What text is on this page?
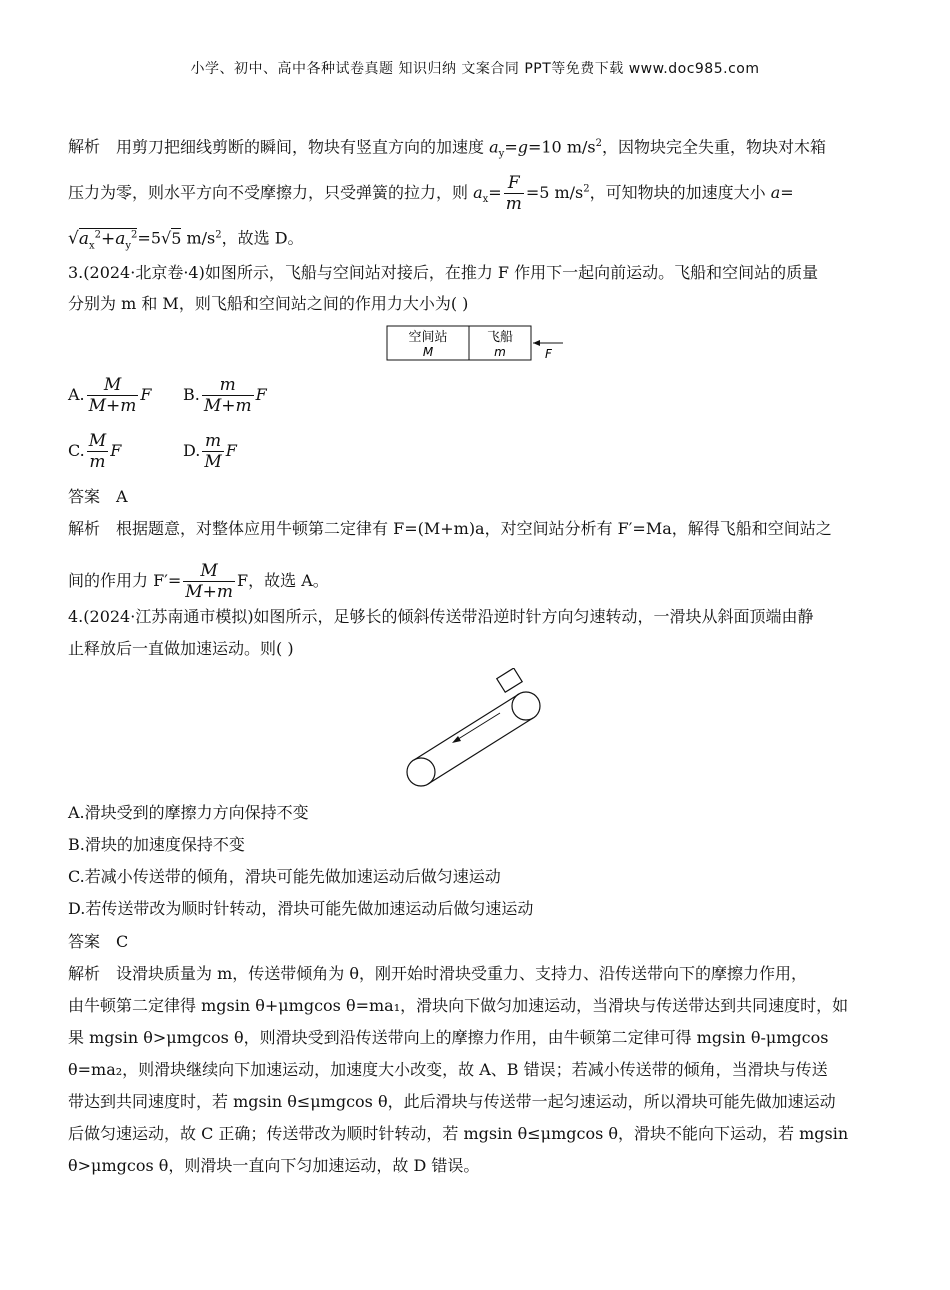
小学、初中、高中各种试卷真题 知识归纳 文案合同 PPT等免费下载 www.doc985.com
解析 用剪刀把细线剪断的瞬间，物块有竖直方向的加速度 $a_y=g=10$ $m/s^2$，因物块完全失重，物块对木箱
压力为零，则水平方向不受摩擦力，只受弹簧的拉力，则 $a_x= \frac{F}{m} =5$ $m/s^2$，可知物块的加速度大小 a=
$√a_x^2+a_y^2=5√5$ $m/s^2$，故选 D。
3.(2024·北京卷·4)如图所示，飞船与空间站对接后，在推力 F 作用下一起向前运动。飞船和空间站的质量
分别为 m 和 M，则飞船和空间站之间的作用力大小为( )
空间站
M
飞船
m	F
A. $\frac{M}{M+m}$ F B. $\frac{m}{M+m}$ F
C. $\frac{M}{m}$ F	D. $\frac{m}{M}$ F
答案 A
解析 根据题意，对整体应用牛顿第二定律有 F=(M+m)a，对空间站分析有 F′=Ma，解得飞船和空间站之
间的作用力 $F'= \frac{M}{M+m}$ F，故选 A。
4.(2024·江苏南通市模拟)如图所示，足够长的倾斜传送带沿逆时针方向匀速转动，一滑块从斜面顶端由静
止释放后一直做加速运动。则( )
A.滑块受到的摩擦力方向保持不变
B.滑块的加速度保持不变
C.若减小传送带的倾角，滑块可能先做加速运动后做匀速运动
D.若传送带改为顺时针转动，滑块可能先做加速运动后做匀速运动
答案 C
解析 设滑块质量为 m，传送带倾角为 θ，刚开始时滑块受重力、支持力、沿传送带向下的摩擦力作用，
由牛顿第二定律得 mgsin θ+μmgcos θ=ma₁，滑块向下做匀加速运动，当滑块与传送带达到共同速度时，如
果 mgsin θ>μmgcos θ，则滑块受到沿传送带向上的摩擦力作用，由牛顿第二定律可得 mgsin θ-μmgcos
θ=ma₂，则滑块继续向下加速运动，加速度大小改变，故 A、B 错误；若减小传送带的倾角，当滑块与传送
带达到共同速度时，若 mgsin θ≤μmgcos θ，此后滑块与传送带一起匀速运动，所以滑块可能先做加速运动
后做匀速运动，故 C 正确；传送带改为顺时针转动，若 mgsin θ≤μmgcos θ，滑块不能向下运动，若 mgsin
θ>μmgcos θ，则滑块一直向下匀加速运动，故 D 错误。
